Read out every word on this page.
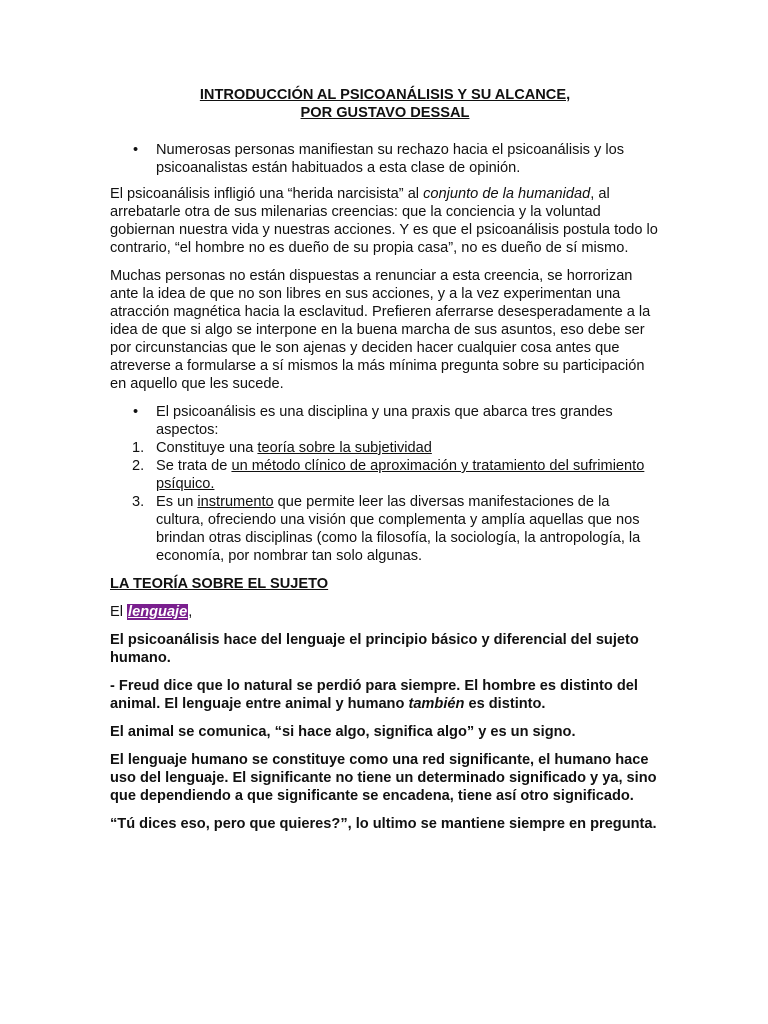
INTRODUCCIÓN AL PSICOANÁLISIS Y SU ALCANCE,
POR GUSTAVO DESSAL
• Numerosas personas manifiestan su rechazo hacia el psicoanálisis y los psicoanalistas están habituados a esta clase de opinión.

El psicoanálisis infligió una “herida narcisista” al conjunto de la humanidad, al arrebatarle otra de sus milenarias creencias: que la conciencia y la voluntad gobiernan nuestra vida y nuestras acciones. Y es que el psicoanálisis postula todo lo contrario, “el hombre no es dueño de su propia casa”, no es dueño de sí mismo.

Muchas personas no están dispuestas a renunciar a esta creencia, se horrorizan ante la idea de que no son libres en sus acciones, y a la vez experimentan una atracción magnética hacia la esclavitud. Prefieren aferrarse desesperadamente a la idea de que si algo se interpone en la buena marcha de sus asuntos, eso debe ser por circunstancias que le son ajenas y deciden hacer cualquier cosa antes que atreverse a formularse a sí mismos la más mínima pregunta sobre su participación en aquello que les sucede.

• El psicoanálisis es una disciplina y una praxis que abarca tres grandes aspectos:
1. Constituye una teoría sobre la subjetividad
2. Se trata de un método clínico de aproximación y tratamiento del sufrimiento psíquico.
3. Es un instrumento que permite leer las diversas manifestaciones de la cultura, ofreciendo una visión que complementa y amplía aquellas que nos brindan otras disciplinas (como la filosofía, la sociología, la antropología, la economía, por nombrar tan solo algunas.
LA TEORÍA SOBRE EL SUJETO

El lenguaje,

El psicoanálisis hace del lenguaje el principio básico y diferencial del sujeto humano.

- Freud dice que lo natural se perdió para siempre. El hombre es distinto del animal. El lenguaje entre animal y humano también es distinto.

El animal se comunica, “si hace algo, significa algo” y es un signo.

El lenguaje humano se constituye como una red significante, el humano hace uso del lenguaje. El significante no tiene un determinado significado y ya, sino que dependiendo a que significante se encadena, tiene así otro significado.

“Tú dices eso, pero que quieres?”, lo ultimo se mantiene siempre en pregunta.
